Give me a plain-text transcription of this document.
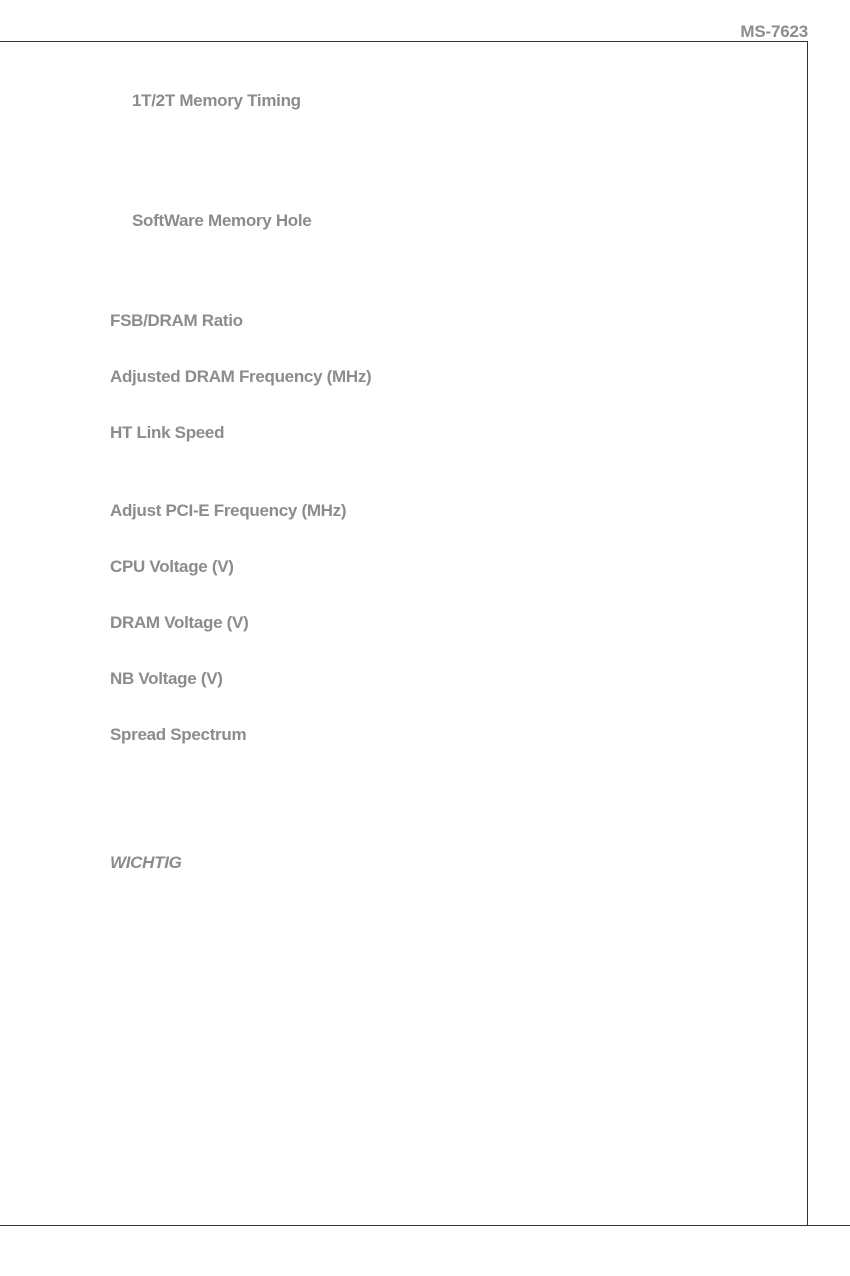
MS-7623
1T/2T Memory Timing
SoftWare Memory Hole
FSB/DRAM Ratio
Adjusted DRAM Frequency (MHz)
HT Link Speed
Adjust PCI-E Frequency (MHz)
CPU Voltage (V)
DRAM Voltage (V)
NB Voltage (V)
Spread Spectrum
WICHTIG
